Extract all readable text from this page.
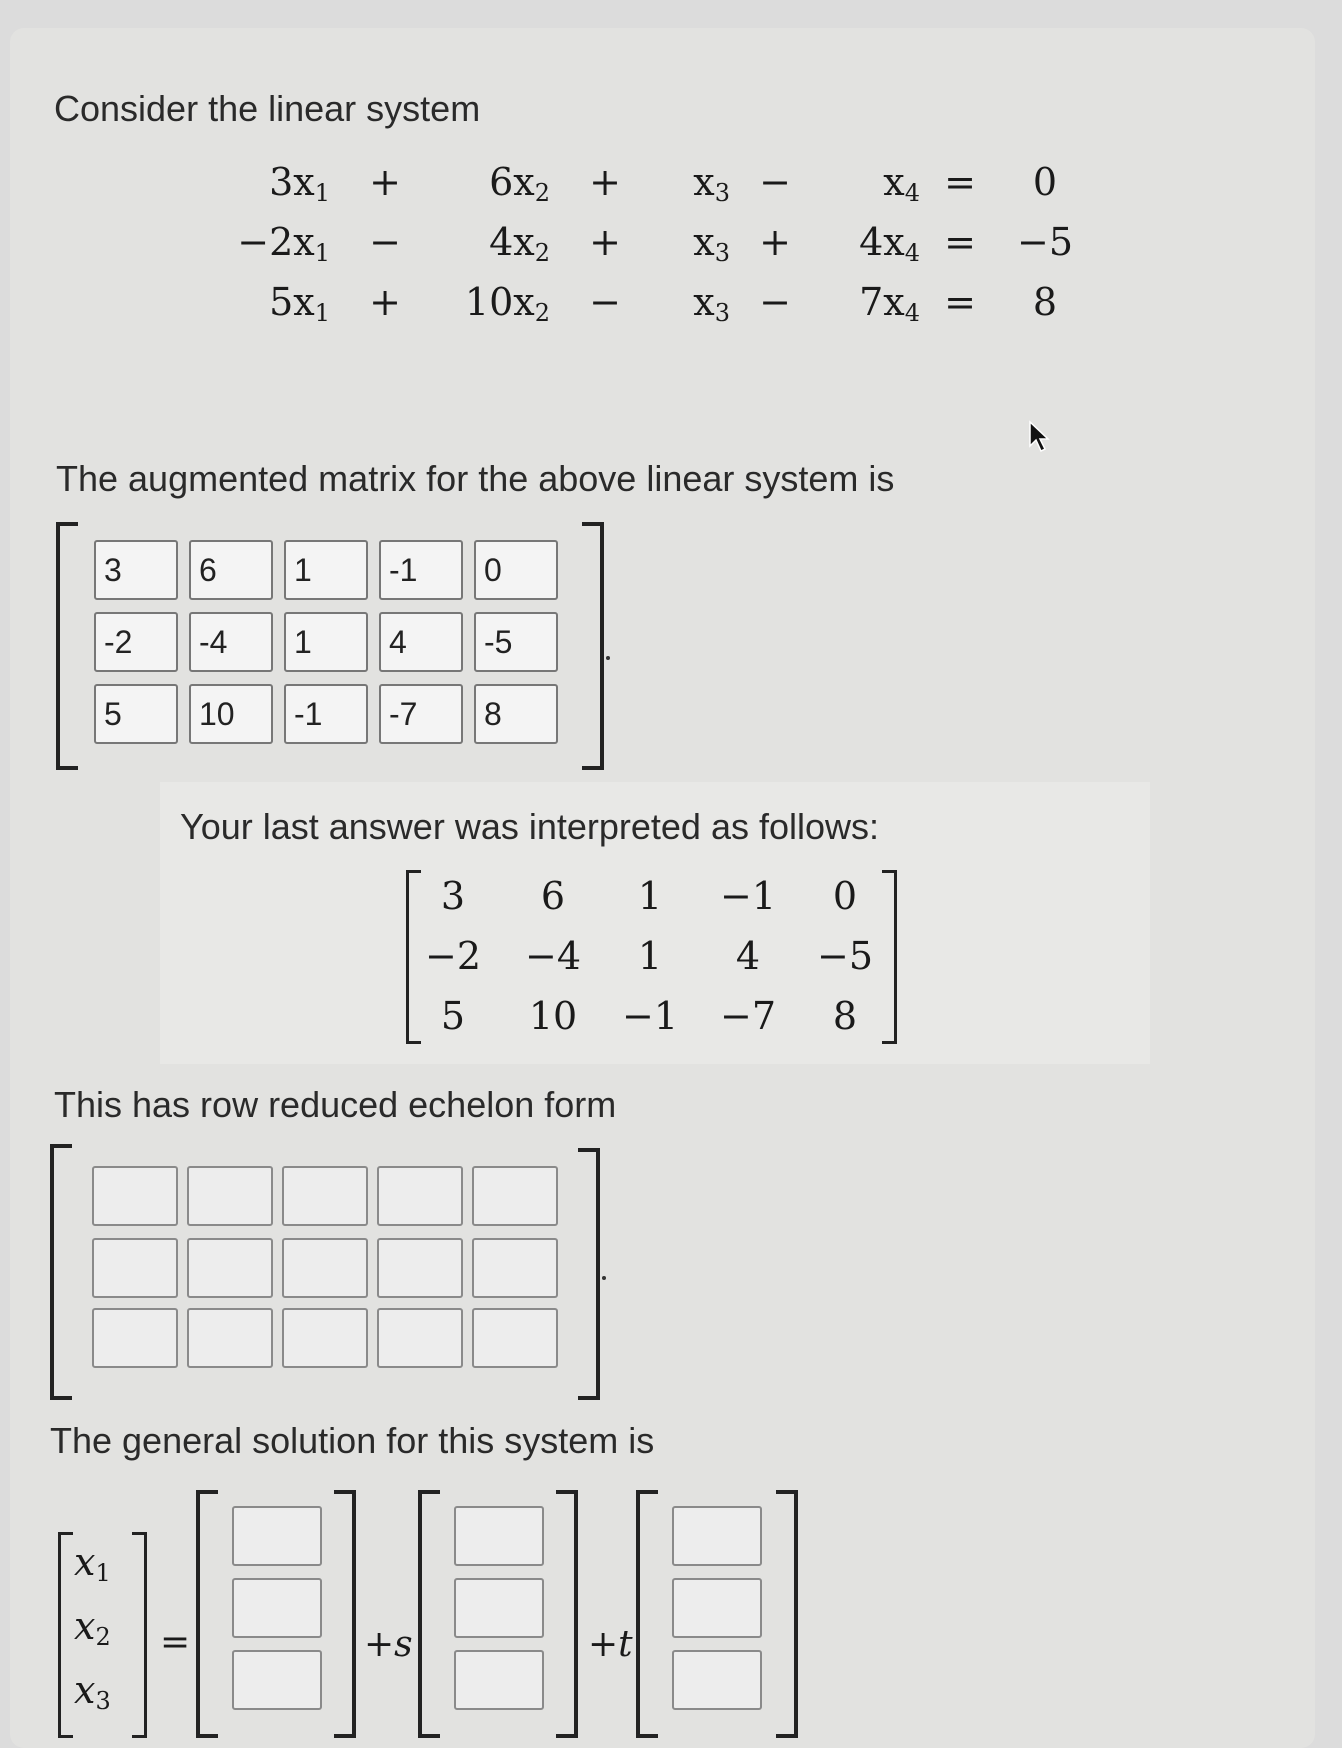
Consider the linear system
$3x_1$ +	$6x_2$ +	$x_3$ −	$x_4$ =	0
$-2x_1$ −	$4x_2$ +	$x_3$ +	$4x_4 = -5$
$5x_1$ +	$10x_2$ −	$x_3$ −	$7x_4$ =	8
The augmented matrix for the above linear system is
3	6	1	-1	0
-2	-4	1	4	-5
5	10	-1	-7	8
Your last answer was interpreted as follows:
3	6	1	−1	0
−2	−4	1	4	−5
5	10	−1	−7	8
This has row reduced echelon form
The general solution for this system is
$x_1$
$x_2$
$x_3$
=	+s	+t
